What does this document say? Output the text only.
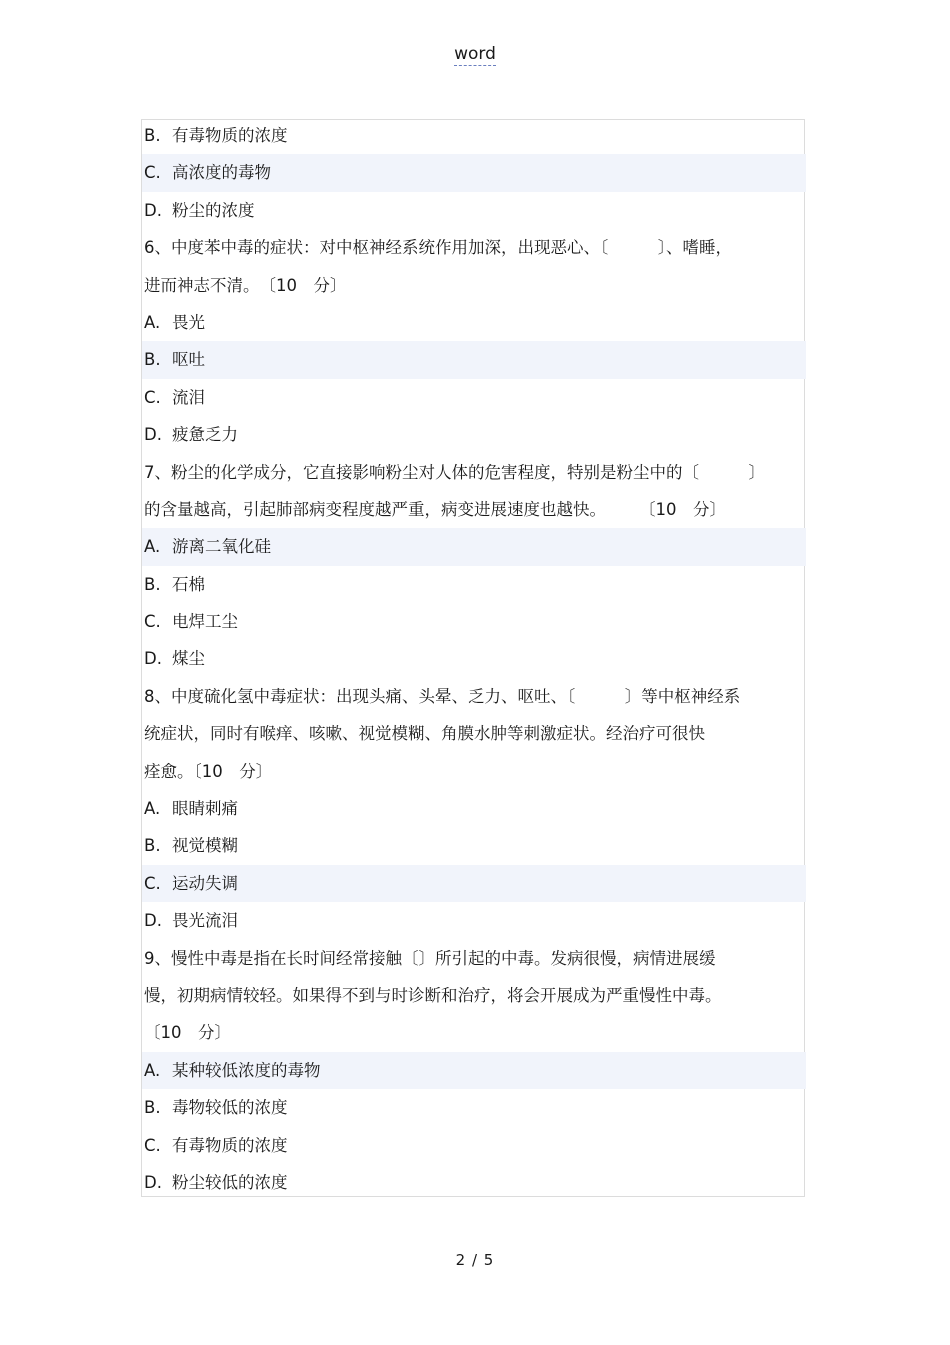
word
B. 有毒物质的浓度
C. 高浓度的毒物
D. 粉尘的浓度
6、中度苯中毒的症状：对中枢神经系统作用加深，出现恶心、〔　　　〕、嗜睡，
进而神志不清。　〔10　分〕
A. 畏光
B. 呕吐
C. 流泪
D. 疲惫乏力
7、粉尘的化学成分，它直接影响粉尘对人体的危害程度，特别是粉尘中的〔　　　〕
的含量越高，引起肺部病变程度越严重，病变进展速度也越快。　　　〔10　分〕
A. 游离二氧化硅
B. 石棉
C. 电焊工尘
D. 煤尘
8、中度硫化氢中毒症状：出现头痛、头晕、乏力、呕吐、〔　　　〕等中枢神经系
统症状，同时有喉痒、咳嗽、视觉模糊、角膜水肿等刺激症状。经治疗可很快
痊愈。〔10　分〕
A. 眼睛刺痛
B. 视觉模糊
C. 运动失调
D. 畏光流泪
9、慢性中毒是指在长时间经常接触〔〕所引起的中毒。发病很慢，病情进展缓
慢，初期病情较轻。如果得不到与时诊断和治疗，将会开展成为严重慢性中毒。
〔10　分〕
A. 某种较低浓度的毒物
B. 毒物较低的浓度
C. 有毒物质的浓度
D. 粉尘较低的浓度
2 / 5
